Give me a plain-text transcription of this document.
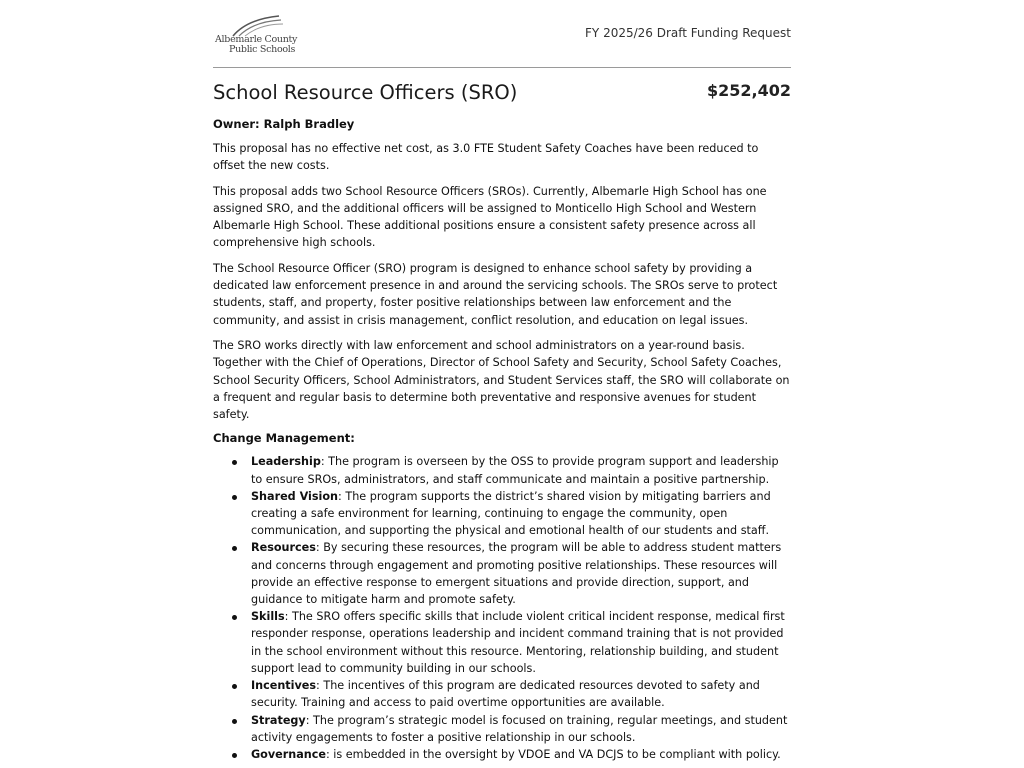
Albemarle County
Public Schools
FY 2025/26 Draft Funding Request
School Resource Officers (SRO)	$252,402
Owner: Ralph Bradley

This proposal has no effective net cost, as 3.0 FTE Student Safety Coaches have been reduced to offset the new costs.

This proposal adds two School Resource Officers (SROs). Currently, Albemarle High School has one assigned SRO, and the additional officers will be assigned to Monticello High School and Western Albemarle High School. These additional positions ensure a consistent safety presence across all comprehensive high schools.

The School Resource Officer (SRO) program is designed to enhance school safety by providing a dedicated law enforcement presence in and around the servicing schools. The SROs serve to protect students, staff, and property, foster positive relationships between law enforcement and the community, and assist in crisis management, conflict resolution, and education on legal issues.

The SRO works directly with law enforcement and school administrators on a year-round basis. Together with the Chief of Operations, Director of School Safety and Security, School Safety Coaches, School Security Officers, School Administrators, and Student Services staff, the SRO will collaborate on a frequent and regular basis to determine both preventative and responsive avenues for student safety.

Change Management:
Leadership: The program is overseen by the OSS to provide program support and leadership to ensure SROs, administrators, and staff communicate and maintain a positive partnership.
Shared Vision: The program supports the district’s shared vision by mitigating barriers and creating a safe environment for learning, continuing to engage the community, open communication, and supporting the physical and emotional health of our students and staff.
Resources: By securing these resources, the program will be able to address student matters and concerns through engagement and promoting positive relationships. These resources will provide an effective response to emergent situations and provide direction, support, and guidance to mitigate harm and promote safety.
Skills: The SRO offers specific skills that include violent critical incident response, medical first responder response, operations leadership and incident command training that is not provided in the school environment without this resource. Mentoring, relationship building, and student support lead to community building in our schools.
Incentives: The incentives of this program are dedicated resources devoted to safety and security. Training and access to paid overtime opportunities are available.
Strategy: The program’s strategic model is focused on training, regular meetings, and student activity engagements to foster a positive relationship in our schools.
Governance: is embedded in the oversight by VDOE and VA DCJS to be compliant with policy.
